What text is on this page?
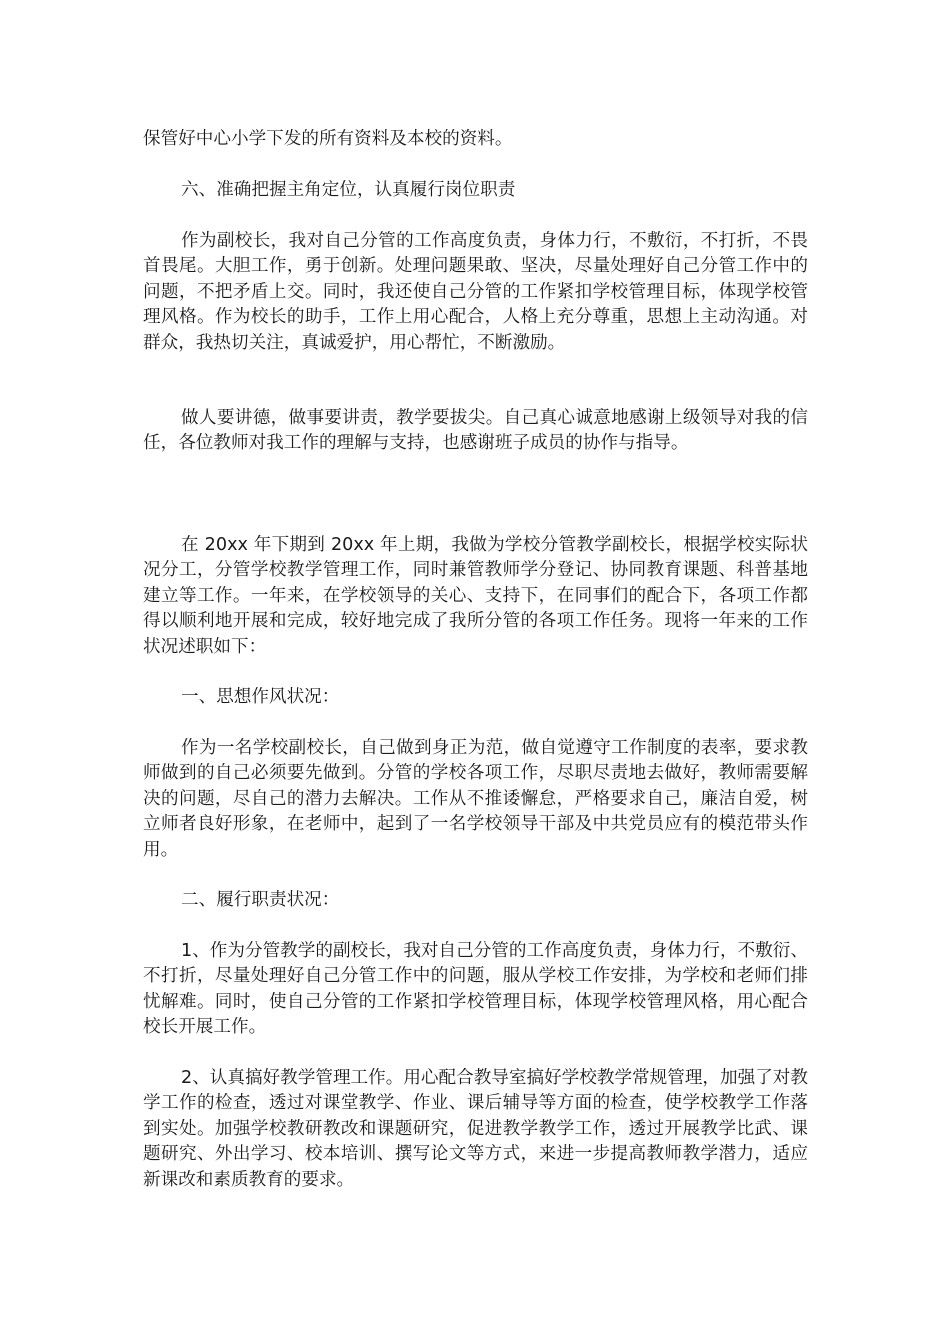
保管好中心小学下发的所有资料及本校的资料。

六、准确把握主角定位，认真履行岗位职责

作为副校长，我对自己分管的工作高度负责，身体力行，不敷衍，不打折，不畏首畏尾。大胆工作，勇于创新。处理问题果敢、坚决，尽量处理好自己分管工作中的问题，不把矛盾上交。同时，我还使自己分管的工作紧扣学校管理目标，体现学校管理风格。作为校长的助手，工作上用心配合，人格上充分尊重，思想上主动沟通。对群众，我热切关注，真诚爱护，用心帮忙，不断激励。

做人要讲德，做事要讲责，教学要拔尖。自己真心诚意地感谢上级领导对我的信任，各位教师对我工作的理解与支持，也感谢班子成员的协作与指导。

在 20xx 年下期到 20xx 年上期，我做为学校分管教学副校长，根据学校实际状况分工，分管学校教学管理工作，同时兼管教师学分登记、协同教育课题、科普基地建立等工作。一年来，在学校领导的关心、支持下，在同事们的配合下，各项工作都得以顺利地开展和完成，较好地完成了我所分管的各项工作任务。现将一年来的工作状况述职如下：

一、思想作风状况：

作为一名学校副校长，自己做到身正为范，做自觉遵守工作制度的表率，要求教师做到的自己必须要先做到。分管的学校各项工作，尽职尽责地去做好，教师需要解决的问题，尽自己的潜力去解决。工作从不推诿懈怠，严格要求自己，廉洁自爱，树立师者良好形象，在老师中，起到了一名学校领导干部及中共党员应有的模范带头作用。

二、履行职责状况：

1、作为分管教学的副校长，我对自己分管的工作高度负责，身体力行，不敷衍、不打折，尽量处理好自己分管工作中的问题，服从学校工作安排，为学校和老师们排忧解难。同时，使自己分管的工作紧扣学校管理目标，体现学校管理风格，用心配合校长开展工作。

2、认真搞好教学管理工作。用心配合教导室搞好学校教学常规管理，加强了对教学工作的检查，透过对课堂教学、作业、课后辅导等方面的检查，使学校教学工作落到实处。加强学校教研教改和课题研究，促进教学教学工作，透过开展教学比武、课题研究、外出学习、校本培训、撰写论文等方式，来进一步提高教师教学潜力，适应新课改和素质教育的要求。
